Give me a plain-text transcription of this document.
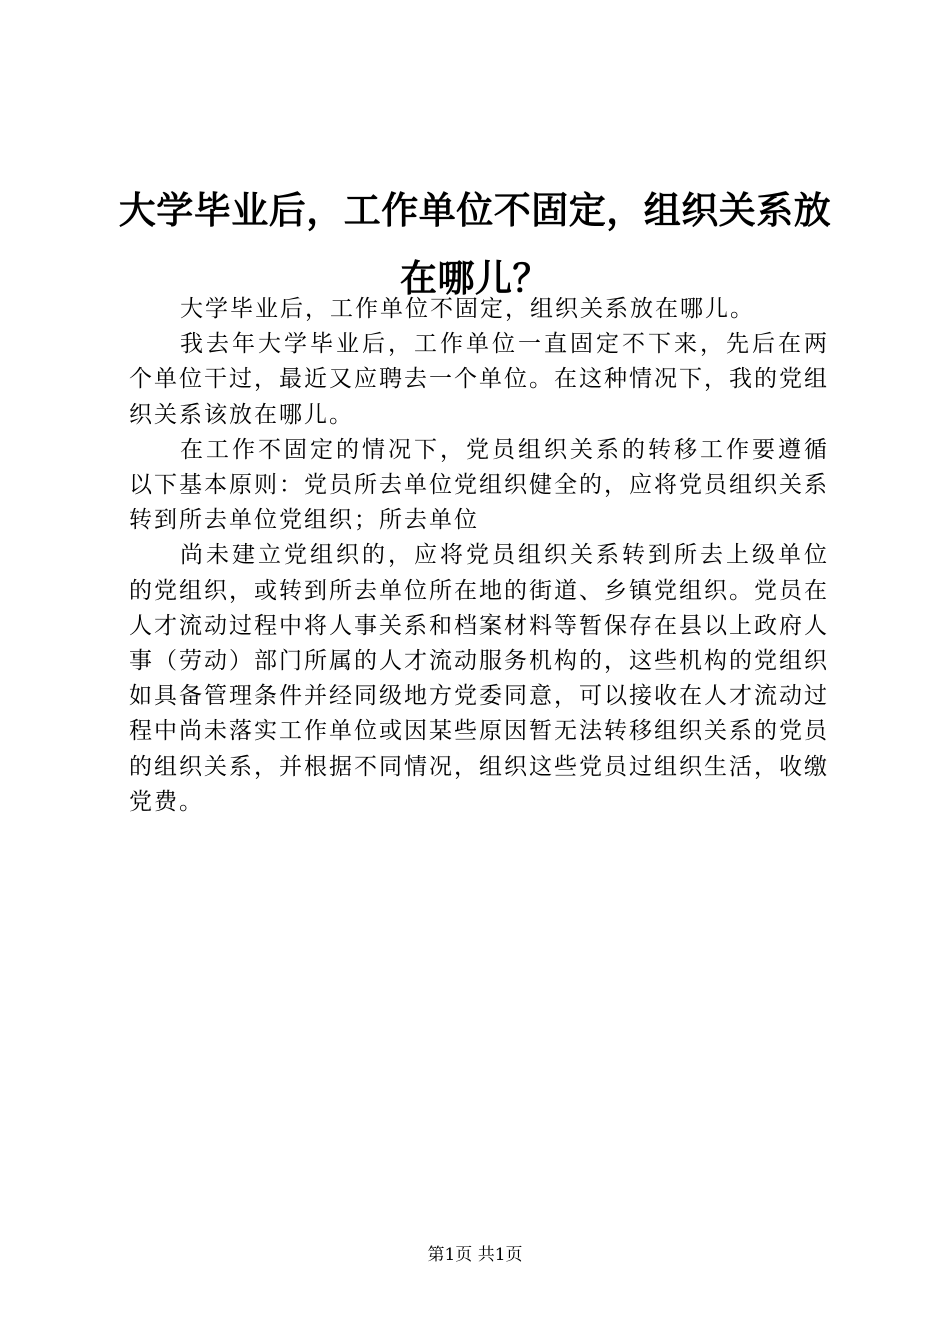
大学毕业后，工作单位不固定，组织关系放在哪儿？

大学毕业后，工作单位不固定，组织关系放在哪儿。

我去年大学毕业后，工作单位一直固定不下来，先后在两个单位干过，最近又应聘去一个单位。在这种情况下，我的党组织关系该放在哪儿。

在工作不固定的情况下，党员组织关系的转移工作要遵循以下基本原则：党员所去单位党组织健全的，应将党员组织关系转到所去单位党组织；所去单位

尚未建立党组织的，应将党员组织关系转到所去上级单位的党组织，或转到所去单位所在地的街道、乡镇党组织。党员在人才流动过程中将人事关系和档案材料等暂保存在县以上政府人事（劳动）部门所属的人才流动服务机构的，这些机构的党组织如具备管理条件并经同级地方党委同意，可以接收在人才流动过程中尚未落实工作单位或因某些原因暂无法转移组织关系的党员的组织关系，并根据不同情况，组织这些党员过组织生活，收缴党费。

第1页 共1页
